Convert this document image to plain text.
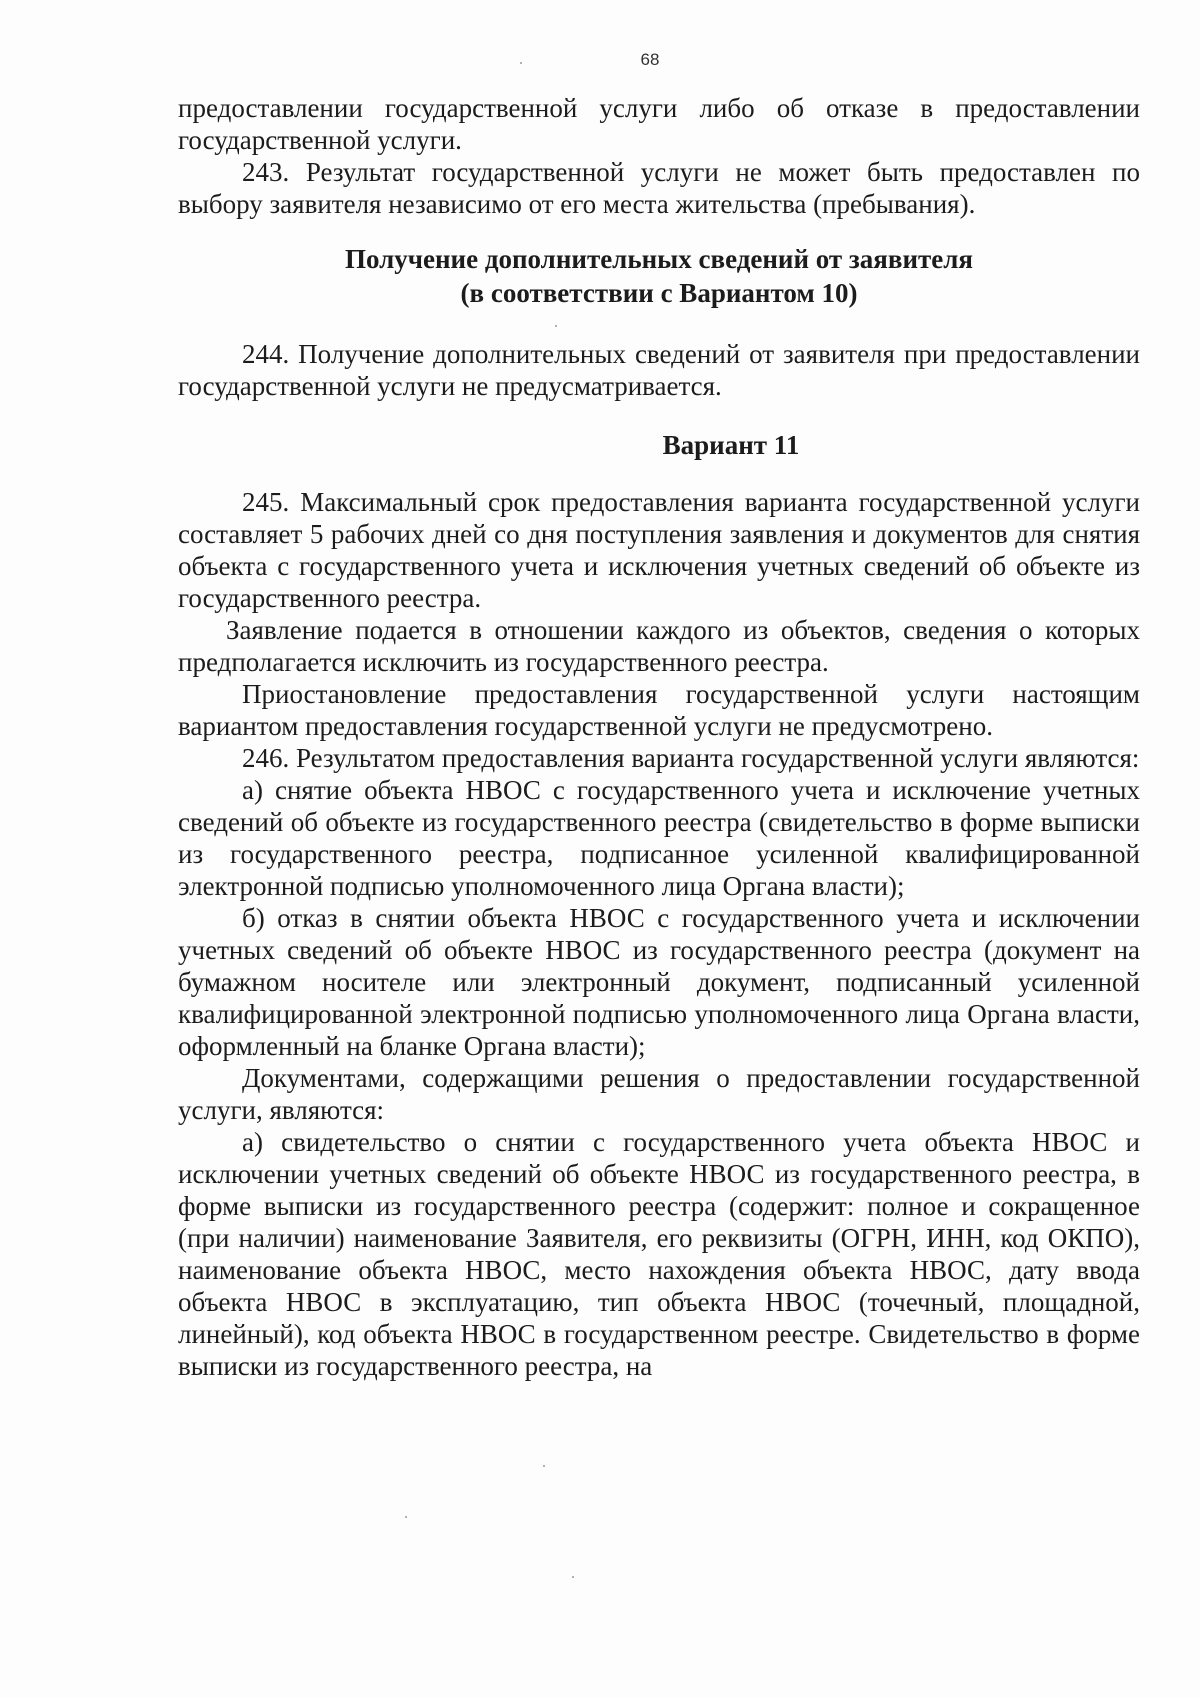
68

предоставлении государственной услуги либо об отказе в предоставлении государственной услуги.

243. Результат государственной услуги не может быть предоставлен по выбору заявителя независимо от его места жительства (пребывания).

Получение дополнительных сведений от заявителя
(в соответствии с Вариантом 10)

244. Получение дополнительных сведений от заявителя при предоставлении государственной услуги не предусматривается.

Вариант 11

245. Максимальный срок предоставления варианта государственной услуги составляет 5 рабочих дней со дня поступления заявления и документов для снятия объекта с государственного учета и исключения учетных сведений об объекте из государственного реестра.

Заявление подается в отношении каждого из объектов, сведения о которых предполагается исключить из государственного реестра.

Приостановление предоставления государственной услуги настоящим вариантом предоставления государственной услуги не предусмотрено.

246. Результатом предоставления варианта государственной услуги являются:

а) снятие объекта НВОС с государственного учета и исключение учетных сведений об объекте из государственного реестра (свидетельство в форме выписки из государственного реестра, подписанное усиленной квалифицированной электронной подписью уполномоченного лица Органа власти);

б) отказ в снятии объекта НВОС с государственного учета и исключении учетных сведений об объекте НВОС из государственного реестра (документ на бумажном носителе или электронный документ, подписанный усиленной квалифицированной электронной подписью уполномоченного лица Органа власти, оформленный на бланке Органа власти);

Документами, содержащими решения о предоставлении государственной услуги, являются:

а) свидетельство о снятии с государственного учета объекта НВОС и исключении учетных сведений об объекте НВОС из государственного реестра, в форме выписки из государственного реестра (содержит: полное и сокращенное (при наличии) наименование Заявителя, его реквизиты (ОГРН, ИНН, код ОКПО), наименование объекта НВОС, место нахождения объекта НВОС, дату ввода объекта НВОС в эксплуатацию, тип объекта НВОС (точечный, площадной, линейный), код объекта НВОС в государственном реестре. Свидетельство в форме выписки из государственного реестра, на
